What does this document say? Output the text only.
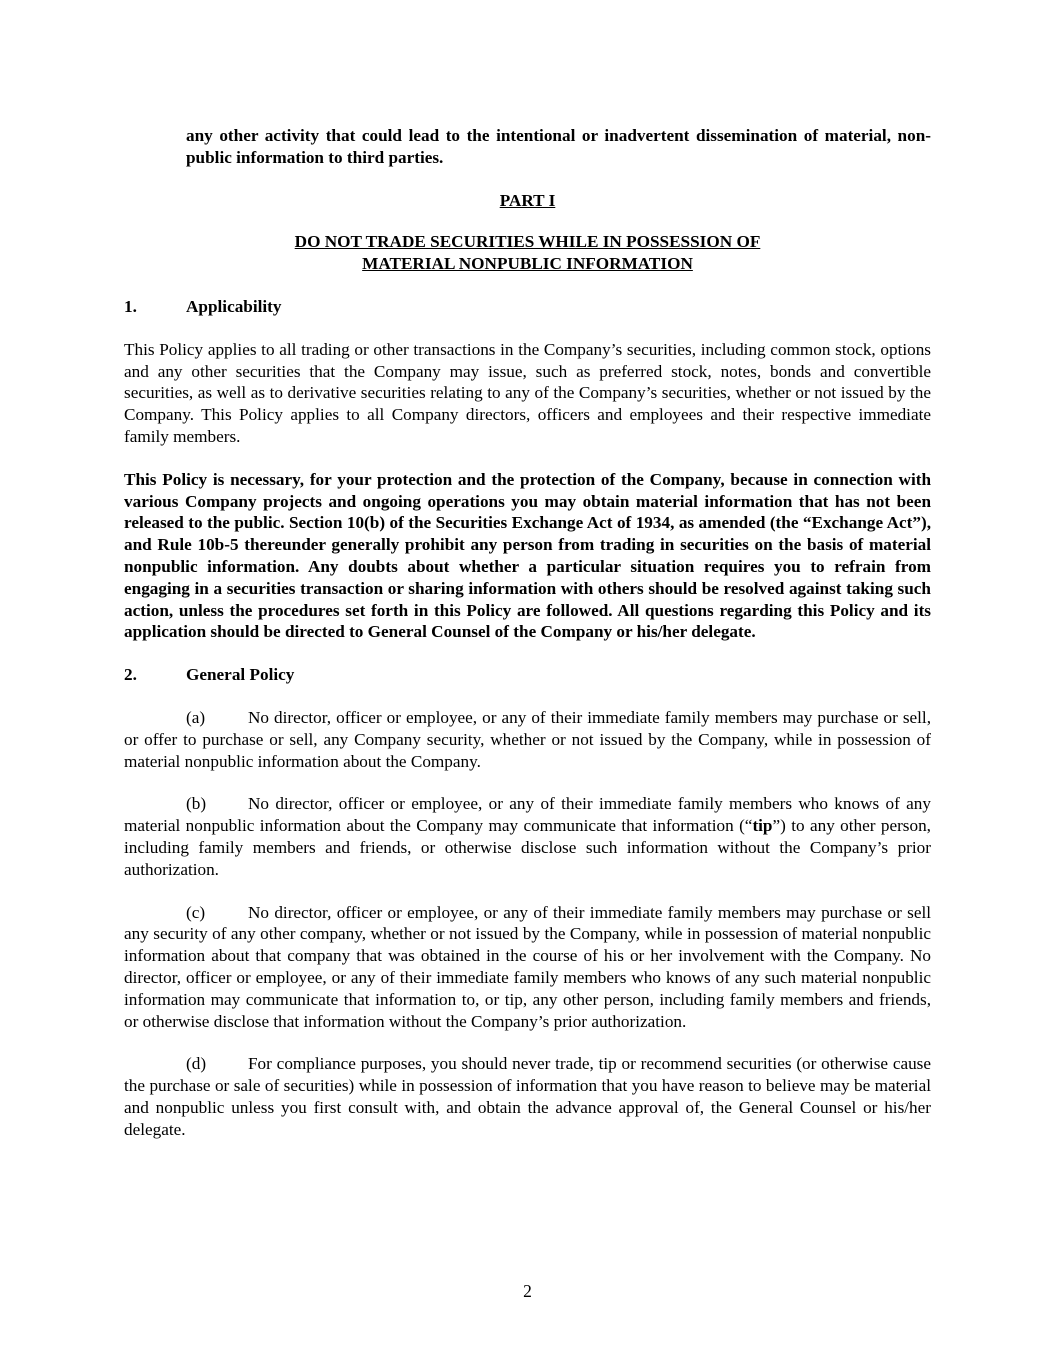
any other activity that could lead to the intentional or inadvertent dissemination of material, non-public information to third parties.
PART I
DO NOT TRADE SECURITIES WHILE IN POSSESSION OF
MATERIAL NONPUBLIC INFORMATION
1.	Applicability
This Policy applies to all trading or other transactions in the Company’s securities, including common stock, options and any other securities that the Company may issue, such as preferred stock, notes, bonds and convertible securities, as well as to derivative securities relating to any of the Company’s securities, whether or not issued by the Company. This Policy applies to all Company directors, officers and employees and their respective immediate family members.
This Policy is necessary, for your protection and the protection of the Company, because in connection with various Company projects and ongoing operations you may obtain material information that has not been released to the public. Section 10(b) of the Securities Exchange Act of 1934, as amended (the “Exchange Act”), and Rule 10b-5 thereunder generally prohibit any person from trading in securities on the basis of material nonpublic information. Any doubts about whether a particular situation requires you to refrain from engaging in a securities transaction or sharing information with others should be resolved against taking such action, unless the procedures set forth in this Policy are followed. All questions regarding this Policy and its application should be directed to General Counsel of the Company or his/her delegate.
2.	General Policy
(a) No director, officer or employee, or any of their immediate family members may purchase or sell, or offer to purchase or sell, any Company security, whether or not issued by the Company, while in possession of material nonpublic information about the Company.
(b) No director, officer or employee, or any of their immediate family members who knows of any material nonpublic information about the Company may communicate that information (“tip”) to any other person, including family members and friends, or otherwise disclose such information without the Company’s prior authorization.
(c) No director, officer or employee, or any of their immediate family members may purchase or sell any security of any other company, whether or not issued by the Company, while in possession of material nonpublic information about that company that was obtained in the course of his or her involvement with the Company. No director, officer or employee, or any of their immediate family members who knows of any such material nonpublic information may communicate that information to, or tip, any other person, including family members and friends, or otherwise disclose that information without the Company’s prior authorization.
(d) For compliance purposes, you should never trade, tip or recommend securities (or otherwise cause the purchase or sale of securities) while in possession of information that you have reason to believe may be material and nonpublic unless you first consult with, and obtain the advance approval of, the General Counsel or his/her delegate.
2
